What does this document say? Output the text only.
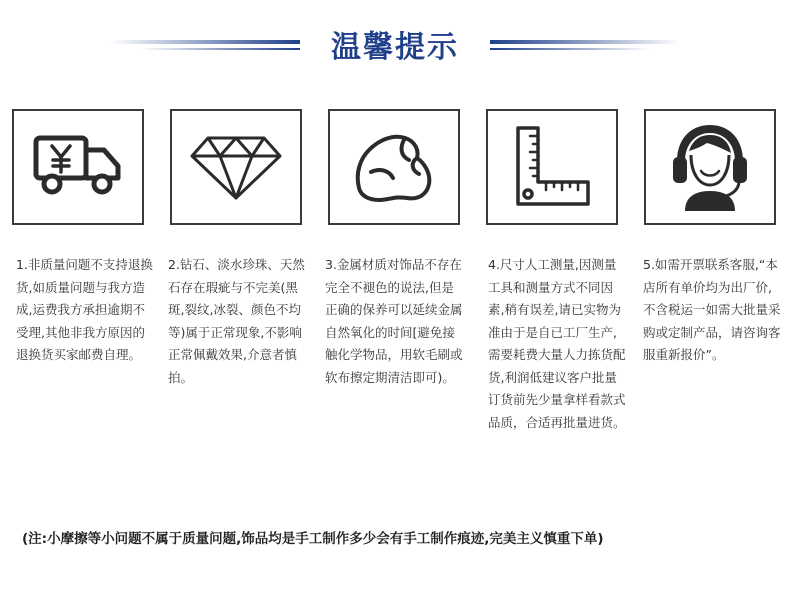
温馨提示
1.非质量问题不支持退换货,如质量问题与我方造成,运费我方承担逾期不受理,其他非我方原因的退换货买家邮费自理。
2.钻石、淡水珍珠、天然石存在瑕疵与不完美(黑斑,裂纹,冰裂、颜色不均等)属于正常现象,不影响正常佩戴效果,介意者慎拍。
3.金属材质对饰品不存在完全不褪色的说法,但是正确的保养可以延续金属自然氧化的时间[避免接触化学物品，用软毛刷或软布擦定期清洁即可)。
4.尺寸人工测量,因测量工具和测量方式不同因素,稍有误差,请已实物为准由于是自已工厂生产,需要耗费大量人力拣货配货,利润低建议客户批量订货前先少量拿样看款式品质，合适再批量进货。
5.如需开票联系客服,“本店所有单价均为出厂价,不含税运一如需大批量采购或定制产品，请咨询客服重新报价”。
(注:小摩擦等小问题不属于质量问题,饰品均是手工制作多少会有手工制作痕迹,完美主义慎重下单)
